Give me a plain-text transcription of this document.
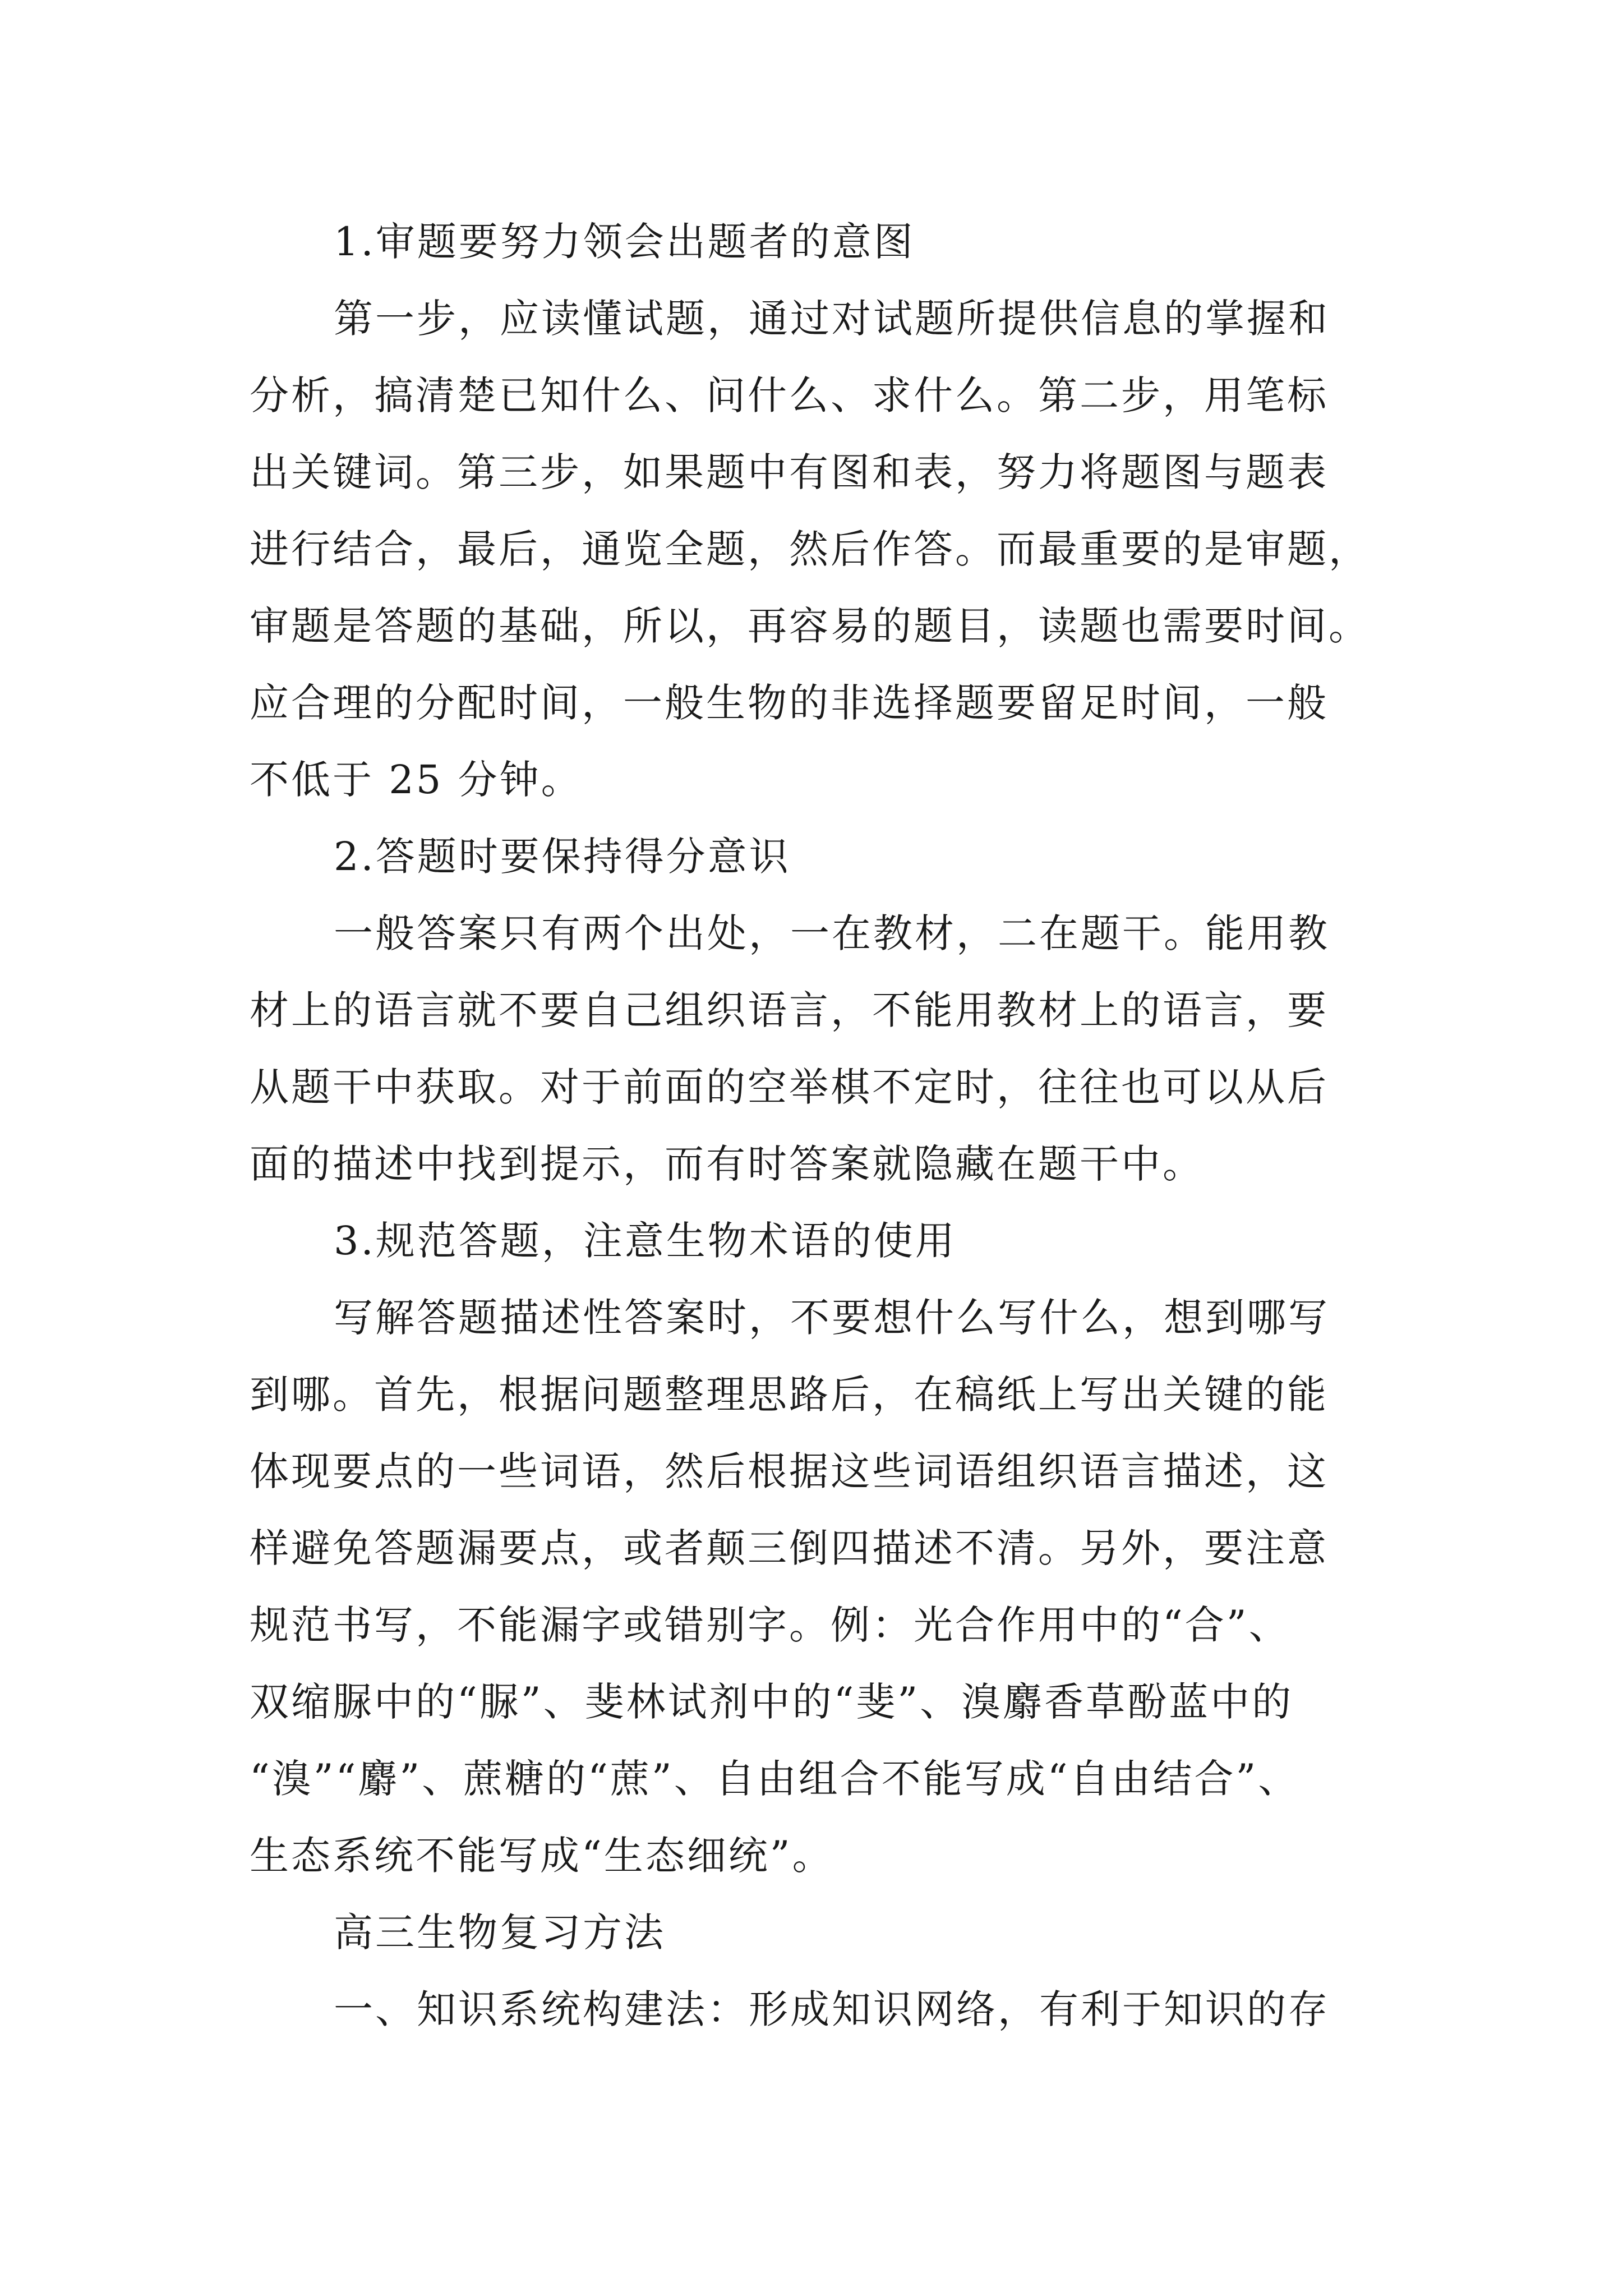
1.审题要努力领会出题者的意图
第一步，应读懂试题，通过对试题所提供信息的掌握和
分析，搞清楚已知什么、问什么、求什么。第二步，用笔标
出关键词。第三步，如果题中有图和表，努力将题图与题表
进行结合，最后，通览全题，然后作答。而最重要的是审题，
审题是答题的基础，所以，再容易的题目，读题也需要时间。
应合理的分配时间，一般生物的非选择题要留足时间，一般
不低于 25 分钟。
2.答题时要保持得分意识
一般答案只有两个出处，一在教材，二在题干。能用教
材上的语言就不要自己组织语言，不能用教材上的语言，要
从题干中获取。对于前面的空举棋不定时，往往也可以从后
面的描述中找到提示，而有时答案就隐藏在题干中。
3.规范答题，注意生物术语的使用
写解答题描述性答案时，不要想什么写什么，想到哪写
到哪。首先，根据问题整理思路后，在稿纸上写出关键的能
体现要点的一些词语，然后根据这些词语组织语言描述，这
样避免答题漏要点，或者颠三倒四描述不清。另外，要注意
规范书写，不能漏字或错别字。例：光合作用中的“合”、
双缩脲中的“脲”、斐林试剂中的“斐”、溴麝香草酚蓝中的
“溴”“麝”、蔗糖的“蔗”、自由组合不能写成“自由结合”、
生态系统不能写成“生态细统”。
高三生物复习方法
一、知识系统构建法：形成知识网络，有利于知识的存
